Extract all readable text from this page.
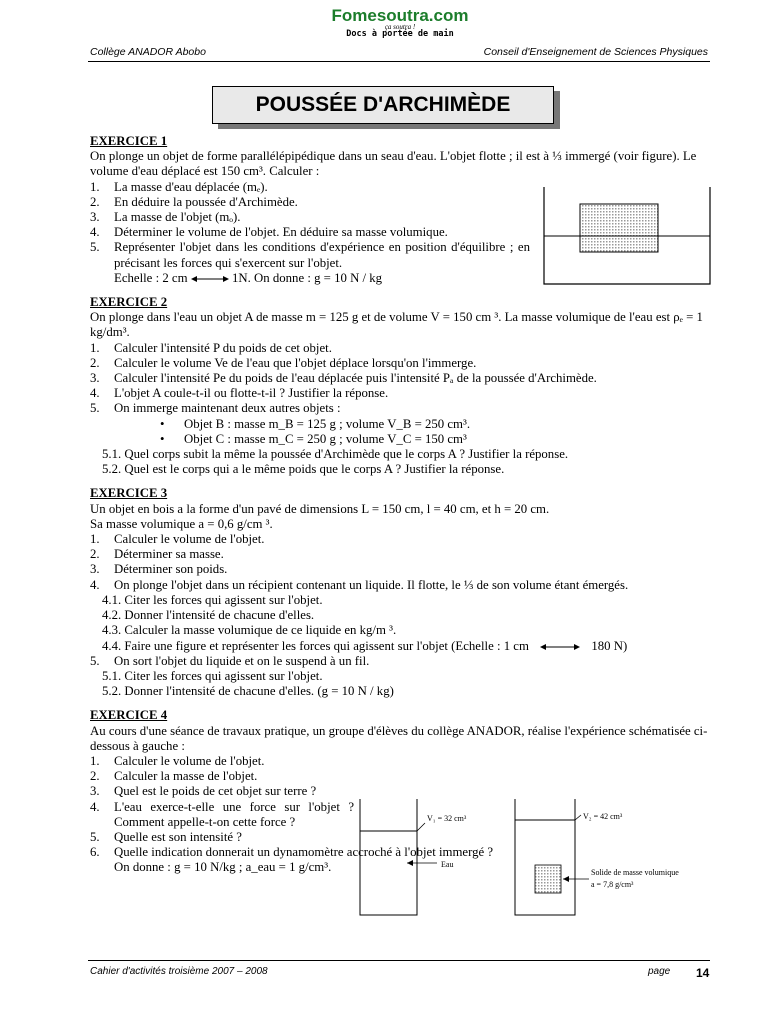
Fomesoutra.com
ça soutra !
Docs à portée de main
Collège ANADOR Abobo	Conseil d'Enseignement de Sciences Physiques
POUSSÉE D'ARCHIMÈDE
EXERCICE 1
On plonge un objet de forme parallélépipédique dans un seau d'eau. L'objet flotte ; il est à ⅓ immergé (voir figure). Le volume d'eau déplacé est 150 cm³. Calculer :
1.	La masse d'eau déplacée (mₑ).
2.	En déduire la poussée d'Archimède.
3.	La masse de l'objet (mₒ).
4.	Déterminer le volume de l'objet. En déduire sa masse volumique.
5.	Représenter l'objet dans les conditions d'expérience en position d'équilibre ; en précisant les forces qui s'exercent sur l'objet.
Echelle : 2 cm	1N. On donne : g = 10 N / kg
EXERCICE 2
On plonge dans l'eau un objet A de masse m = 125 g et de volume V = 150 cm ³. La masse volumique de l'eau est ρₑ = 1 kg/dm³.
1.	Calculer l'intensité P du poids de cet objet.
2.	Calculer le volume Ve de l'eau que l'objet déplace lorsqu'on l'immerge.
3.	Calculer l'intensité Pe du poids de l'eau déplacée puis l'intensité Pₐ de la poussée d'Archimède.
4.	L'objet A coule-t-il ou flotte-t-il ? Justifier la réponse.
5.	On immerge maintenant deux autres objets :
•	Objet B : masse m_B = 125 g ; volume V_B = 250 cm³.
•	Objet C : masse m_C = 250 g ; volume V_C = 150 cm³
5.1. Quel corps subit la même la poussée d'Archimède que le corps A ? Justifier la réponse.
5.2. Quel est le corps qui a le même poids que le corps A ? Justifier la réponse.
EXERCICE 3
Un objet en bois a la forme d'un pavé de dimensions L = 150 cm, l = 40 cm, et h = 20 cm.
Sa masse volumique a = 0,6 g/cm ³.
1.	Calculer le volume de l'objet.
2.	Déterminer sa masse.
3.	Déterminer son poids.
4.	On plonge l'objet dans un récipient contenant un liquide. Il flotte, le ⅓ de son volume étant émergés.
4.1. Citer les forces qui agissent sur l'objet.
4.2. Donner l'intensité de chacune d'elles.
4.3. Calculer la masse volumique de ce liquide en kg/m ³.
4.4. Faire une figure et représenter les forces qui agissent sur l'objet (Echelle : 1 cm	180 N)
5.	On sort l'objet du liquide et on le suspend à un fil.
5.1. Citer les forces qui agissent sur l'objet.
5.2. Donner l'intensité de chacune d'elles. (g = 10 N / kg)
EXERCICE 4
Au cours d'une séance de travaux pratique, un groupe d'élèves du collège ANADOR, réalise l'expérience schématisée ci-dessous à gauche :
1.	Calculer le volume de l'objet.
2.	Calculer la masse de l'objet.
3.	Quel est le poids de cet objet sur terre ?
4.	L'eau exerce-t-elle une force sur l'objet ? Comment appelle-t-on cette force ?
5.	Quelle est son intensité ?
6.	Quelle indication donnerait un dynamomètre accroché à l'objet immergé ?
On donne : g = 10 N/kg ; a_eau = 1 g/cm³.
V₁ = 32 cm³
Eau
V₂ = 42 cm³
Solide de masse volumique
a = 7,8 g/cm³
Cahier d'activités troisième 2007 – 2008	page 14
